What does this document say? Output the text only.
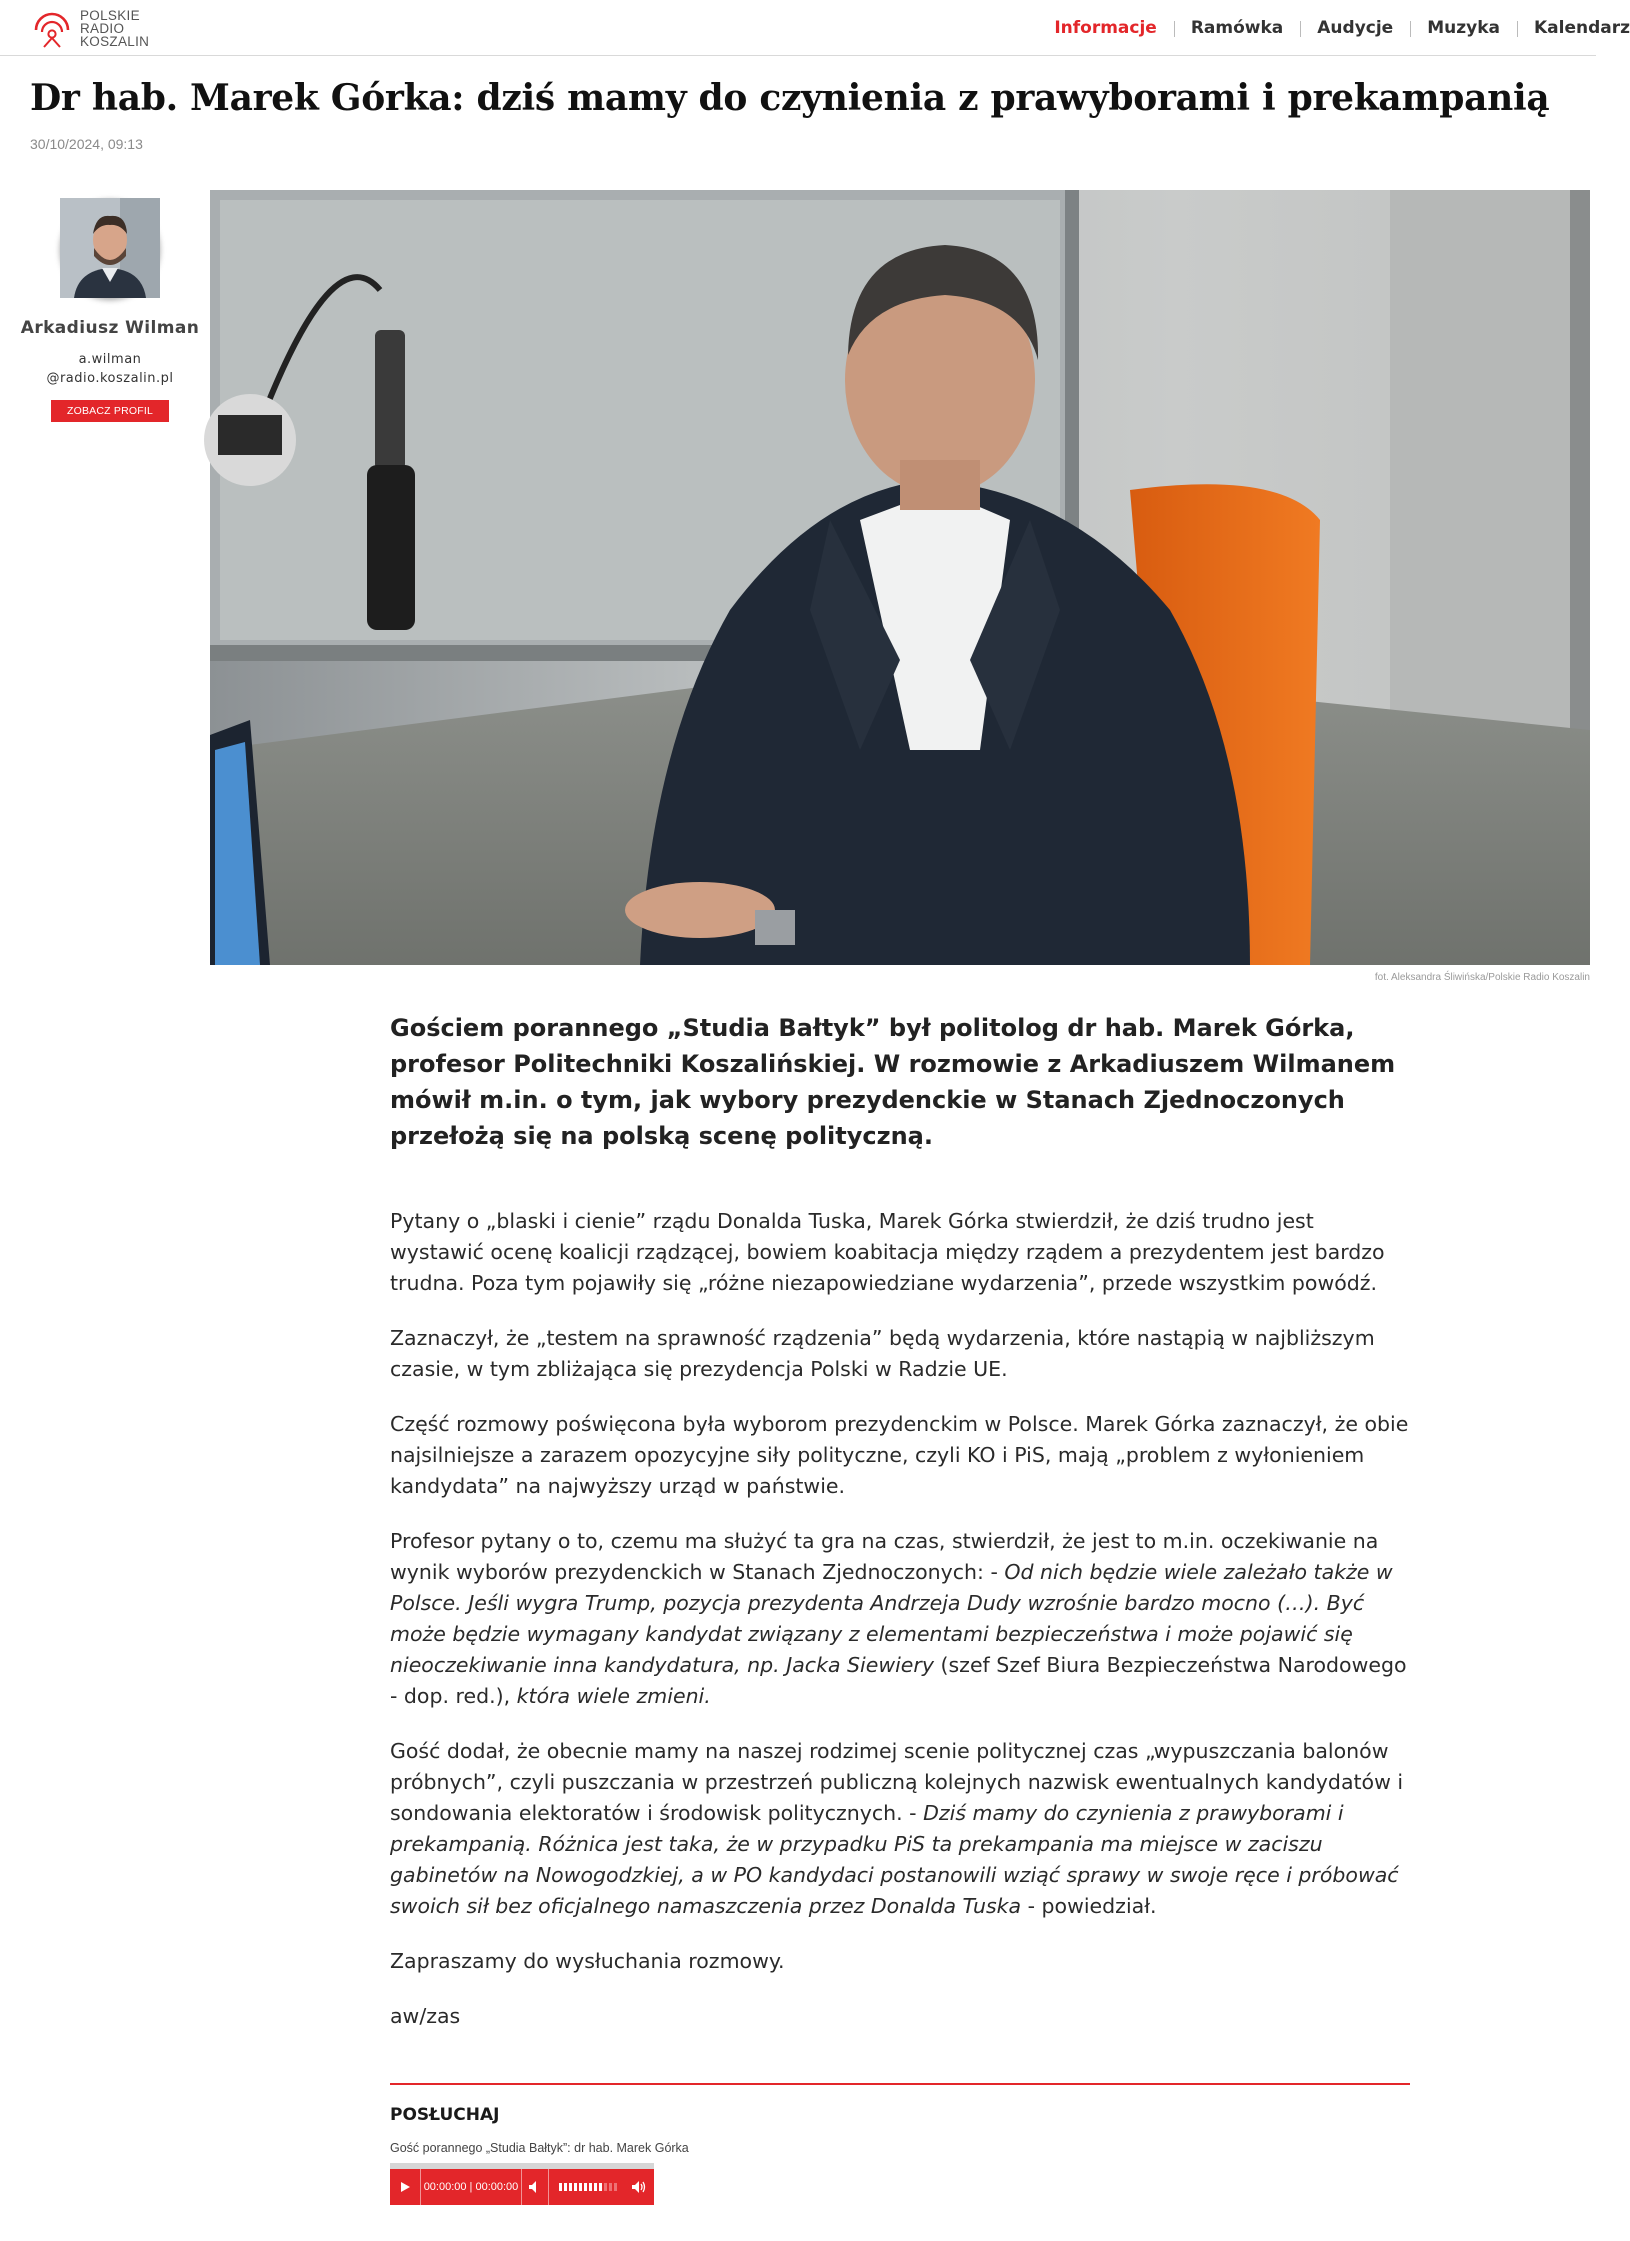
POLSKIE
RADIO
KOSZALIN
Informacje	Ramówka	Audycje	Muzyka	Kalendarz
Dr hab. Marek Górka: dziś mamy do czynienia z prawyborami i prekampanią
30/10/2024, 09:13
Arkadiusz Wilman
a.wilman
@radio.koszalin.pl
ZOBACZ PROFIL
fot. Aleksandra Śliwińska/Polskie Radio Koszalin

Gościem porannego „Studia Bałtyk” był politolog dr hab. Marek Górka, profesor Politechniki Koszalińskiej. W rozmowie z Arkadiuszem Wilmanem mówił m.in. o tym, jak wybory prezydenckie w Stanach Zjednoczonych przełożą się na polską scenę polityczną.

Pytany o „blaski i cienie” rządu Donalda Tuska, Marek Górka stwierdził, że dziś trudno jest wystawić ocenę koalicji rządzącej, bowiem koabitacja między rządem a prezydentem jest bardzo trudna. Poza tym pojawiły się „różne niezapowiedziane wydarzenia”, przede wszystkim powódź.

Zaznaczył, że „testem na sprawność rządzenia” będą wydarzenia, które nastąpią w najbliższym czasie, w tym zbliżająca się prezydencja Polski w Radzie UE.

Część rozmowy poświęcona była wyborom prezydenckim w Polsce. Marek Górka zaznaczył, że obie najsilniejsze a zarazem opozycyjne siły polityczne, czyli KO i PiS, mają „problem z wyłonieniem kandydata” na najwyższy urząd w państwie.

Profesor pytany o to, czemu ma służyć ta gra na czas, stwierdził, że jest to m.in. oczekiwanie na wynik wyborów prezydenckich w Stanach Zjednoczonych: - Od nich będzie wiele zależało także w Polsce. Jeśli wygra Trump, pozycja prezydenta Andrzeja Dudy wzrośnie bardzo mocno (…). Być może będzie wymagany kandydat związany z elementami bezpieczeństwa i może pojawić się nieoczekiwanie inna kandydatura, np. Jacka Siewiery (szef Szef Biura Bezpieczeństwa Narodowego - dop. red.), która wiele zmieni.

Gość dodał, że obecnie mamy na naszej rodzimej scenie politycznej czas „wypuszczania balonów próbnych”, czyli puszczania w przestrzeń publiczną kolejnych nazwisk ewentualnych kandydatów i sondowania elektoratów i środowisk politycznych. - Dziś mamy do czynienia z prawyborami i prekampanią. Różnica jest taka, że w przypadku PiS ta prekampania ma miejsce w zaciszu gabinetów na Nowogodzkiej, a w PO kandydaci postanowili wziąć sprawy w swoje ręce i próbować swoich sił bez oficjalnego namaszczenia przez Donalda Tuska - powiedział.

Zapraszamy do wysłuchania rozmowy.

aw/zas

POSŁUCHAJ
Gość porannego „Studia Bałtyk”: dr hab. Marek Górka
00:00:00 | 00:00:00
